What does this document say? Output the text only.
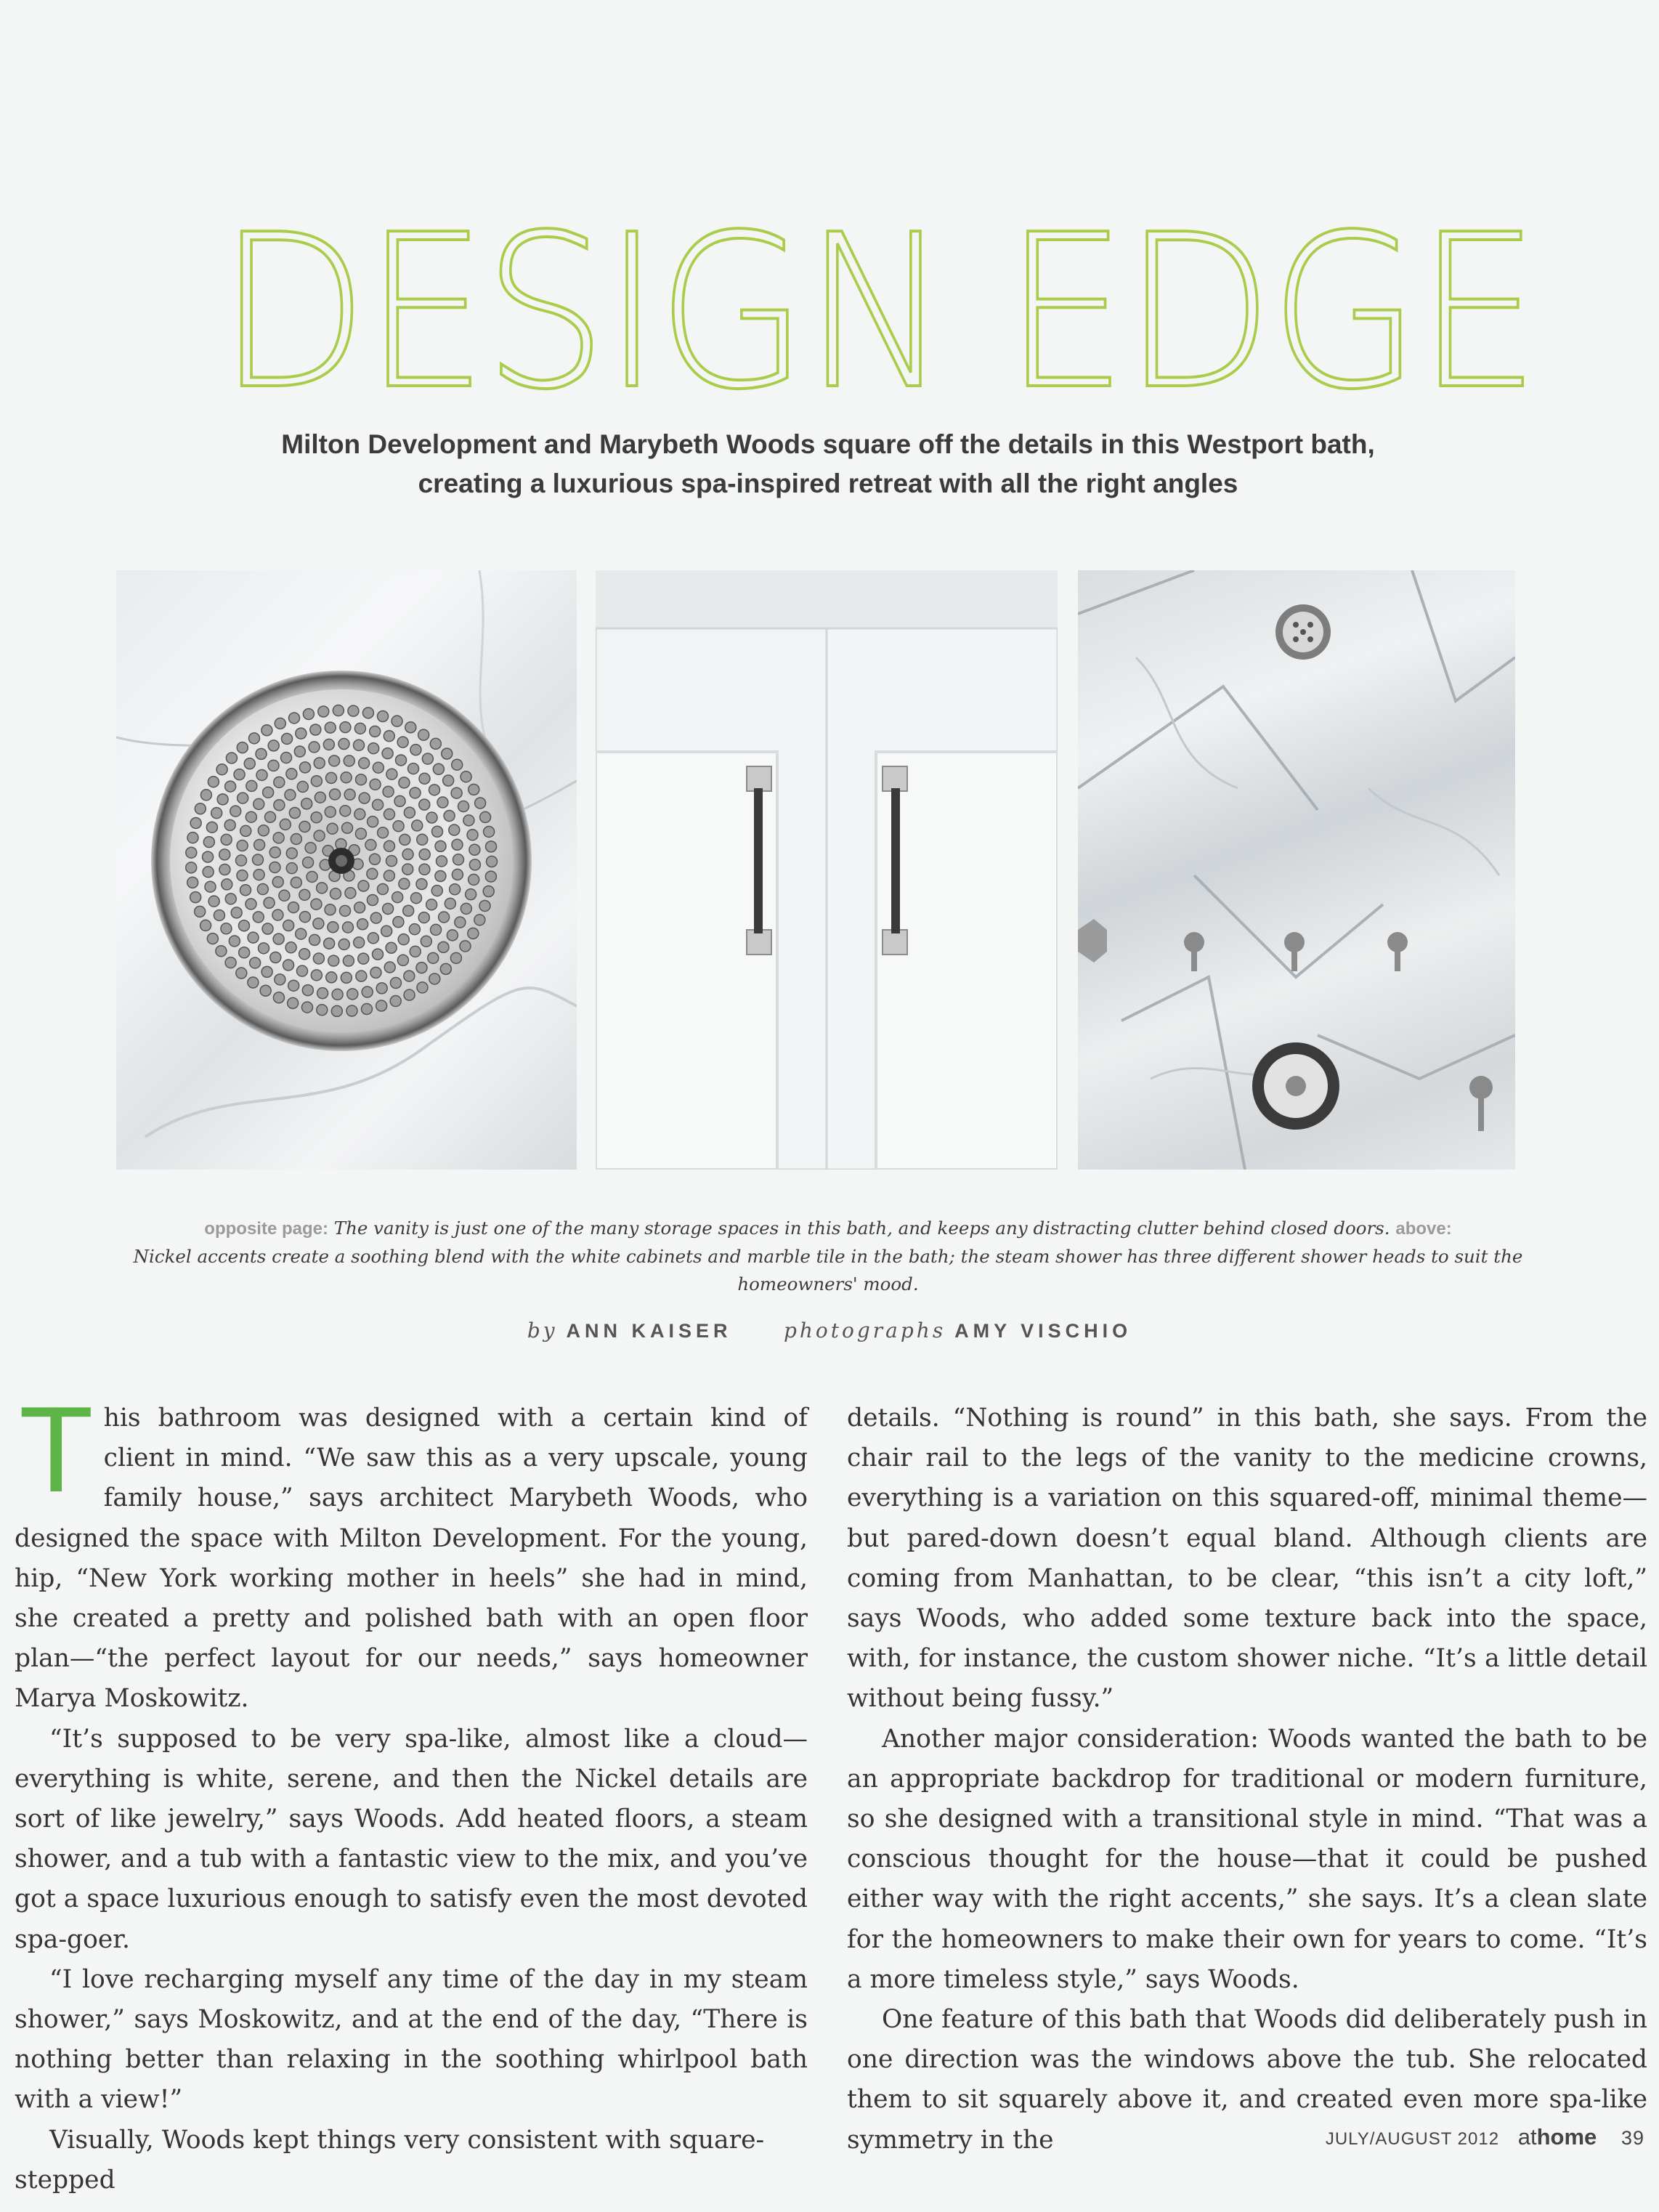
DESIGN EDGE
Milton Development and Marybeth Woods square off the details in this Westport bath,
creating a luxurious spa-inspired retreat with all the right angles
opposite page: The vanity is just one of the many storage spaces in this bath, and keeps any distracting clutter behind closed doors. above:
Nickel accents create a soothing blend with the white cabinets and marble tile in the bath; the steam shower has three different shower heads to suit the homeowners' mood.
by ANN KAISER	photographs AMY VISCHIO

This bathroom was designed with a certain kind of client in mind. “We saw this as a very upscale, young family house,” says architect Marybeth Woods, who designed the space with Milton Development. For the young, hip, “New York working mother in heels” she had in mind, she created a pretty and polished bath with an open floor plan—“the perfect layout for our needs,” says homeowner Marya Moskowitz.

“It’s supposed to be very spa-like, almost like a cloud—everything is white, serene, and then the Nickel details are sort of like jewelry,” says Woods. Add heated floors, a steam shower, and a tub with a fantastic view to the mix, and you’ve got a space luxurious enough to satisfy even the most devoted spa-goer.

“I love recharging myself any time of the day in my steam shower,” says Moskowitz, and at the end of the day, “There is nothing better than relaxing in the soothing whirlpool bath with a view!”

Visually, Woods kept things very consistent with square-stepped

details. “Nothing is round” in this bath, she says. From the chair rail to the legs of the vanity to the medicine crowns, everything is a variation on this squared-off, minimal theme—but pared-down doesn’t equal bland. Although clients are coming from Manhattan, to be clear, “this isn’t a city loft,” says Woods, who added some texture back into the space, with, for instance, the custom shower niche. “It’s a little detail without being fussy.”

Another major consideration: Woods wanted the bath to be an appropriate backdrop for traditional or modern furniture, so she designed with a transitional style in mind. “That was a conscious thought for the house—that it could be pushed either way with the right accents,” she says. It’s a clean slate for the homeowners to make their own for years to come. “It’s a more timeless style,” says Woods.

One feature of this bath that Woods did deliberately push in one direction was the windows above the tub. She relocated them to sit squarely above it, and created even more spa-like symmetry in the	JULY/AUGUST 2012 athome 39
